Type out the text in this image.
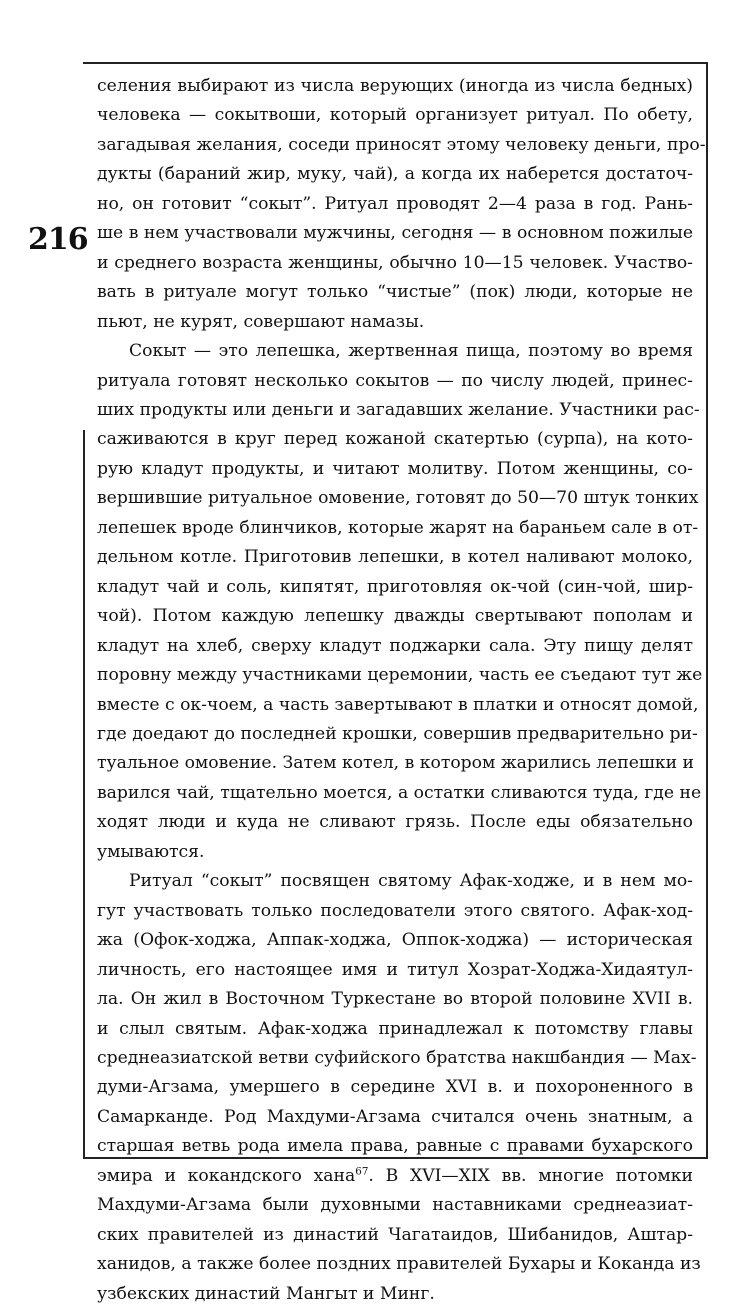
216
селения выбирают из числа верующих (иногда из числа бедных)
человека — сокытвоши, который организует ритуал. По обету,
загадывая желания, соседи приносят этому человеку деньги, про-
дукты (бараний жир, муку, чай), а когда их наберется достаточ-
но, он готовит “сокыт”. Ритуал проводят 2—4 раза в год. Рань-
ше в нем участвовали мужчины, сегодня — в основном пожилые
и среднего возраста женщины, обычно 10—15 человек. Участво-
вать в ритуале могут только “чистые” (пок) люди, которые не
пьют, не курят, совершают намазы.
Сокыт — это лепешка, жертвенная пища, поэтому во время
ритуала готовят несколько сокытов — по числу людей, принес-
ших продукты или деньги и загадавших желание. Участники рас-
саживаются в круг перед кожаной скатертью (сурпа), на кото-
рую кладут продукты, и читают молитву. Потом женщины, со-
вершившие ритуальное омовение, готовят до 50—70 штук тонких
лепешек вроде блинчиков, которые жарят на бараньем сале в от-
дельном котле. Приготовив лепешки, в котел наливают молоко,
кладут чай и соль, кипятят, приготовляя ок-чой (син-чой, шир-
чой). Потом каждую лепешку дважды свертывают пополам и
кладут на хлеб, сверху кладут поджарки сала. Эту пищу делят
поровну между участниками церемонии, часть ее съедают тут же
вместе с ок-чоем, а часть завертывают в платки и относят домой,
где доедают до последней крошки, совершив предварительно ри-
туальное омовение. Затем котел, в котором жарились лепешки и
варился чай, тщательно моется, а остатки сливаются туда, где не
ходят люди и куда не сливают грязь. После еды обязательно
умываются.
Ритуал “сокыт” посвящен святому Афак-ходже, и в нем мо-
гут участвовать только последователи этого святого. Афак-ход-
жа (Офок-ходжа, Аппак-ходжа, Оппок-ходжа) — историческая
личность, его настоящее имя и титул Хозрат-Ходжа-Хидаятул-
ла. Он жил в Восточном Туркестане во второй половине XVII в.
и слыл святым. Афак-ходжа принадлежал к потомству главы
среднеазиатской ветви суфийского братства накшбандия — Мах-
думи-Агзама, умершего в середине XVI в. и похороненного в
Самарканде. Род Махдуми-Агзама считался очень знатным, а
старшая ветвь рода имела права, равные с правами бухарского
эмира и кокандского хана$^{67}$. В XVI—XIX вв. многие потомки
Махдуми-Агзама были духовными наставниками среднеазиат-
ских правителей из династий Чагатаидов, Шибанидов, Аштар-
ханидов, а также более поздних правителей Бухары и Коканда из
узбекских династий Мангыт и Минг.
